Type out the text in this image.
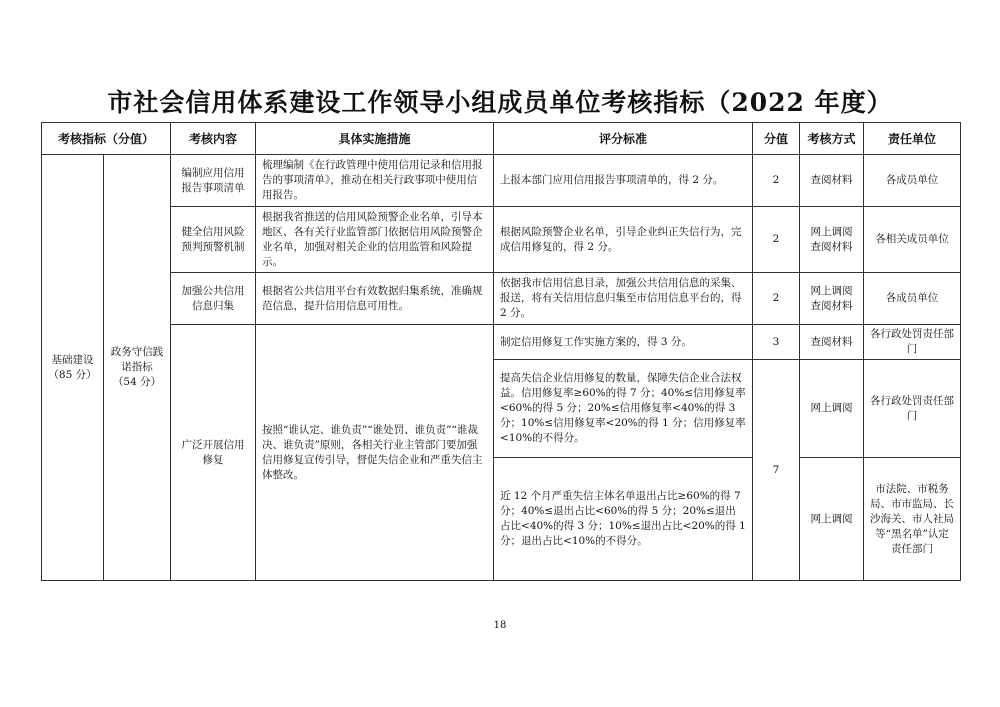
市社会信用体系建设工作领导小组成员单位考核指标（2022 年度）
考核指标（分值）		考核内容	具体实施措施	评分标准	分值	考核方式	责任单位
基础建设（85 分）	政务守信践诺指标（54 分）	编制应用信用报告事项清单	梳理编制《在行政管理中使用信用记录和信用报告的事项清单》，推动在相关行政事项中使用信用报告。	上报本部门应用信用报告事项清单的，得 2 分。	2	查阅材料	各成员单位
		健全信用风险预判预警机制	根据我省推送的信用风险预警企业名单，引导本地区、各有关行业监管部门依据信用风险预警企业名单，加强对相关企业的信用监管和风险提示。	根据风险预警企业名单，引导企业纠正失信行为，完成信用修复的，得 2 分。	2	网上调阅查阅材料	各相关成员单位
		加强公共信用信息归集	根据省公共信用平台有效数据归集系统，准确规范信息，提升信用信息可用性。	依据我市信用信息目录，加强公共信用信息的采集、报送，将有关信用信息归集至市信用信息平台的，得 2 分。	2	网上调阅查阅材料	各成员单位
		广泛开展信用修复	按照“谁认定、谁负责”“谁处罚、谁负责”“谁裁决、谁负责”原则，各相关行业主管部门要加强信用修复宣传引导，督促失信企业和严重失信主体整改。	制定信用修复工作实施方案的，得 3 分。	3	查阅材料	各行政处罚责任部门
				提高失信企业信用修复的数量，保障失信企业合法权益。信用修复率≥60%的得 7 分；40%≤信用修复率<60%的得 5 分；20%≤信用修复率<40%的得 3 分；10%≤信用修复率<20%的得 1 分；信用修复率<10%的不得分。	7	网上调阅	各行政处罚责任部门
				近 12 个月严重失信主体名单退出占比≥60%的得 7 分；40%≤退出占比<60%的得 5 分；20%≤退出占比<40%的得 3 分；10%≤退出占比<20%的得 1 分；退出占比<10%的不得分。		网上调阅	市法院、市税务局、市市监局、长沙海关、市人社局等“黑名单”认定责任部门
18
